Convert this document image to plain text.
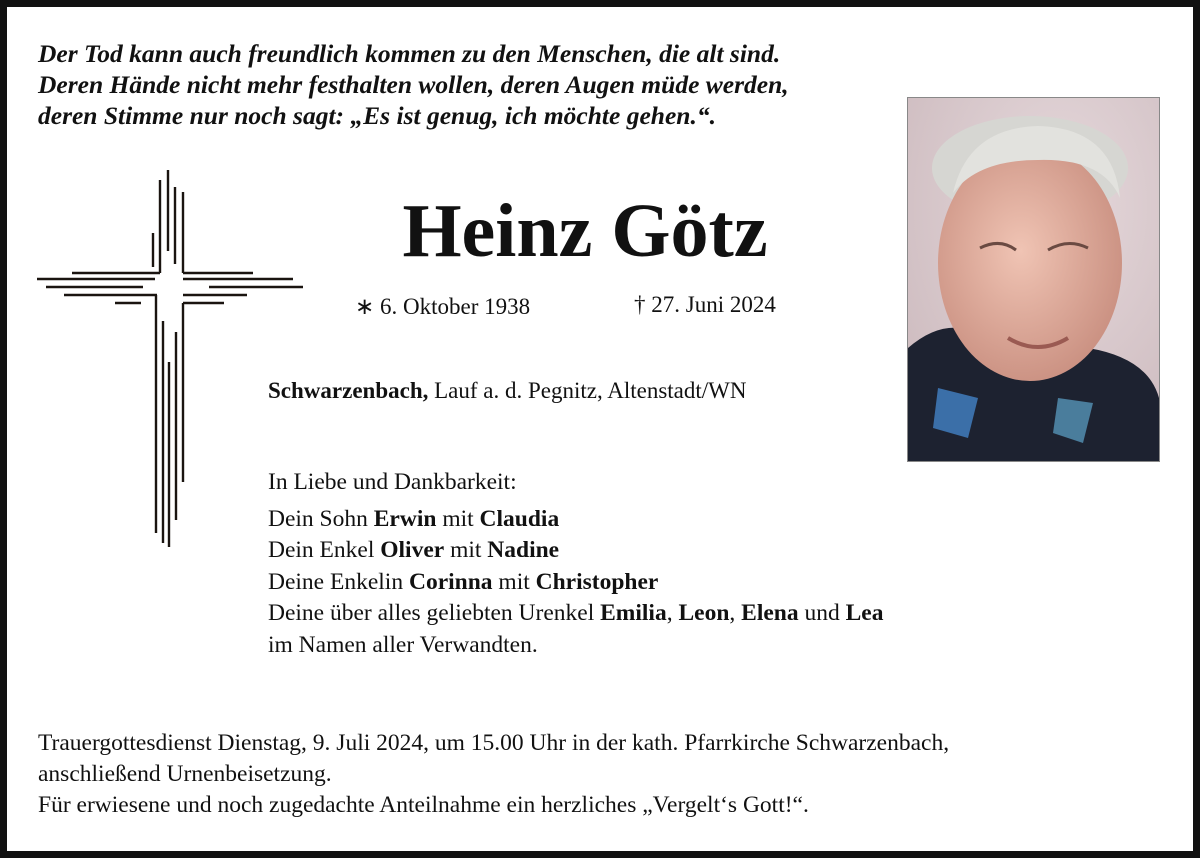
Der Tod kann auch freundlich kommen zu den Menschen, die alt sind.
Deren Hände nicht mehr festhalten wollen, deren Augen müde werden,
deren Stimme nur noch sagt: „Es ist genug, ich möchte gehen.“.
Heinz Götz
∗ 6. Oktober 1938	† 27. Juni 2024
Schwarzenbach, Lauf a. d. Pegnitz, Altenstadt/WN
In Liebe und Dankbarkeit:
Dein Sohn Erwin mit Claudia
Dein Enkel Oliver mit Nadine
Deine Enkelin Corinna mit Christopher
Deine über alles geliebten Urenkel Emilia, Leon, Elena und Lea
im Namen aller Verwandten.
Trauergottesdienst Dienstag, 9. Juli 2024, um 15.00 Uhr in der kath. Pfarrkirche Schwarzenbach,
anschließend Urnenbeisetzung.
Für erwiesene und noch zugedachte Anteilnahme ein herzliches „Vergelt‘s Gott!“.
